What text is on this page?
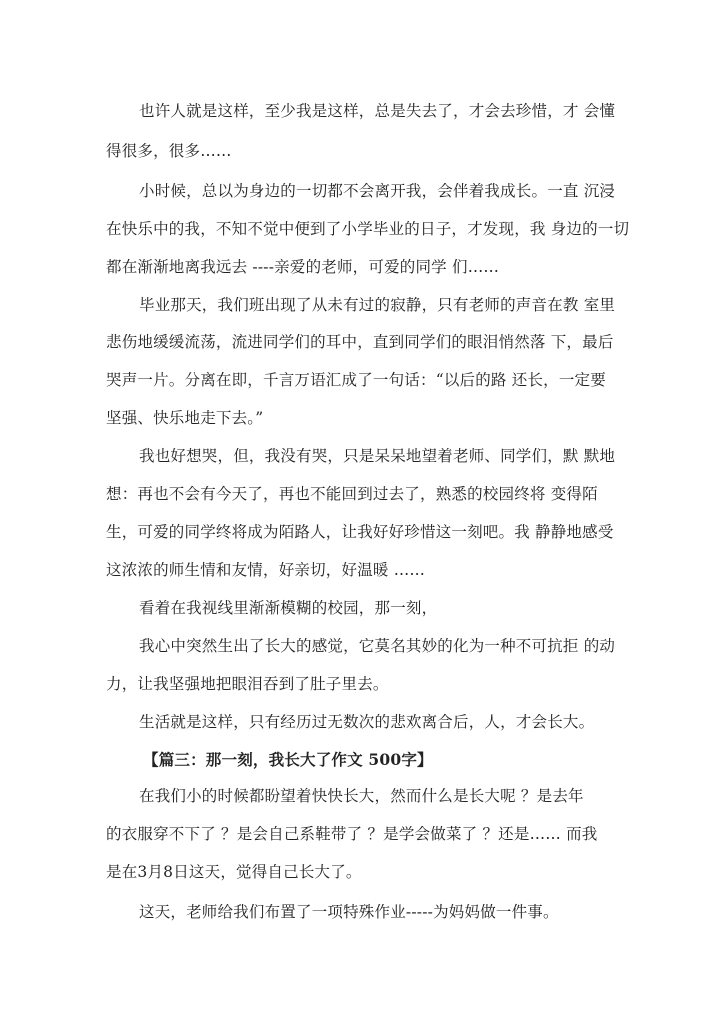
也许人就是这样，至少我是这样，总是失去了，才会去珍惜，才 会懂
得很多，很多……
小时候，总以为身边的一切都不会离开我，会伴着我成长。一直 沉浸
在快乐中的我，不知不觉中便到了小学毕业的日子，才发现，我 身边的一切
都在渐渐地离我远去 ----亲爱的老师，可爱的同学 们……
毕业那天，我们班出现了从未有过的寂静，只有老师的声音在教 室里
悲伤地缓缓流荡，流进同学们的耳中，直到同学们的眼泪悄然落 下，最后
哭声一片。分离在即，千言万语汇成了一句话：“以后的路 还长，一定要
坚强、快乐地走下去。”
我也好想哭，但，我没有哭，只是呆呆地望着老师、同学们，默 默地
想：再也不会有今天了，再也不能回到过去了，熟悉的校园终将 变得陌
生，可爱的同学终将成为陌路人，让我好好珍惜这一刻吧。我 静静地感受
这浓浓的师生情和友情，好亲切，好温暖 ……
看着在我视线里渐渐模糊的校园，那一刻，
我心中突然生出了长大的感觉，它莫名其妙的化为一种不可抗拒 的动
力，让我坚强地把眼泪吞到了肚子里去。
生活就是这样，只有经历过无数次的悲欢离合后，人，才会长大。
【篇三：那一刻，我长大了作文 500字】
在我们小的时候都盼望着快快长大，然而什么是长大呢 ？是去年
的衣服穿不下了 ？是会自己系鞋带了 ？是学会做菜了 ？还是…… 而我
是在3月8日这天，觉得自己长大了。
这天，老师给我们布置了一项特殊作业-----为妈妈做一件事。
